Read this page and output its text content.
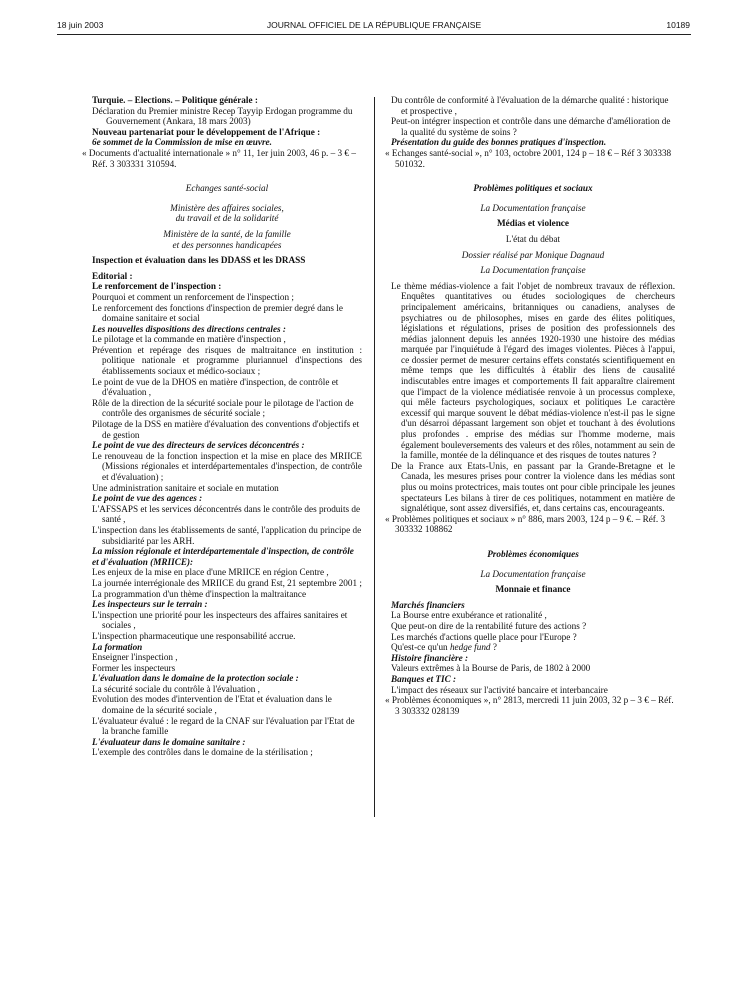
18 juin 2003	JOURNAL OFFICIEL DE LA RÉPUBLIQUE FRANÇAISE	10189

Turquie. – Elections. – Politique générale :

Déclaration du Premier ministre Recep Tayyip Erdogan programme du Gouvernement (Ankara, 18 mars 2003)

Nouveau partenariat pour le développement de l'Afrique :

6e sommet de la Commission de mise en œuvre.

« Documents d'actualité internationale » n° 11, 1er juin 2003, 46 p. – 3 € – Réf. 3 303331 310594.

Echanges santé-social

Ministère des affaires sociales,

du travail et de la solidarité

Ministère de la santé, de la famille

et des personnes handicapées

Inspection et évaluation dans les DDASS et les DRASS

Editorial :

Le renforcement de l'inspection :

Pourquoi et comment un renforcement de l'inspection ;

Le renforcement des fonctions d'inspection de premier degré dans le domaine sanitaire et social

Les nouvelles dispositions des directions centrales :

Le pilotage et la commande en matière d'inspection ,

Prévention et repérage des risques de maltraitance en institution : politique nationale et programme pluriannuel d'inspections des établissements sociaux et médico-sociaux ;

Le point de vue de la DHOS en matière d'inspection, de contrôle et d'évaluation ,

Rôle de la direction de la sécurité sociale pour le pilotage de l'action de contrôle des organismes de sécurité sociale ;

Pilotage de la DSS en matière d'évaluation des conventions d'objectifs et de gestion

Le point de vue des directeurs de services déconcentrés :

Le renouveau de la fonction inspection et la mise en place des MRIICE (Missions régionales et interdépartementales d'inspection, de contrôle et d'évaluation) ;

Une administration sanitaire et sociale en mutation

Le point de vue des agences :

L'AFSSAPS et les services déconcentrés dans le contrôle des produits de santé ,

L'inspection dans les établissements de santé, l'application du principe de subsidiarité par les ARH.

La mission régionale et interdépartementale d'inspection, de contrôle et d'évaluation (MRIICE):

Les enjeux de la mise en place d'une MRIICE en région Centre ,

La journée interrégionale des MRIICE du grand Est, 21 septembre 2001 ;

La programmation d'un thème d'inspection la maltraitance

Les inspecteurs sur le terrain :

L'inspection une priorité pour les inspecteurs des affaires sanitaires et sociales ,

L'inspection pharmaceutique une responsabilité accrue.

La formation

Enseigner l'inspection ,

Former les inspecteurs

L'évaluation dans le domaine de la protection sociale :

La sécurité sociale du contrôle à l'évaluation ,

Evolution des modes d'intervention de l'Etat et évaluation dans le domaine de la sécurité sociale ,

L'évaluateur évalué : le regard de la CNAF sur l'évaluation par l'Etat de la branche famille

L'évaluateur dans le domaine sanitaire :

L'exemple des contrôles dans le domaine de la stérilisation ;

Du contrôle de conformité à l'évaluation de la démarche qualité : historique et prospective ,

Peut-on intégrer inspection et contrôle dans une démarche d'amélioration de la qualité du système de soins ?

Présentation du guide des bonnes pratiques d'inspection.

« Echanges santé-social », n° 103, octobre 2001, 124 p – 18 € – Réf 3 303338 501032.

Problèmes politiques et sociaux

La Documentation française

Médias et violence

L'état du débat

Dossier réalisé par Monique Dagnaud

La Documentation française

Le thème médias-violence a fait l'objet de nombreux travaux de réflexion. Enquêtes quantitatives ou études sociologiques de chercheurs principalement américains, britanniques ou canadiens, analyses de psychiatres ou de philosophes, mises en garde des élites politiques, législations et régulations, prises de position des professionnels des médias jalonnent depuis les années 1920-1930 une histoire des médias marquée par l'inquiétude à l'égard des images violentes. Pièces à l'appui, ce dossier permet de mesurer certains effets constatés scientifiquement en même temps que les difficultés à établir des liens de causalité indiscutables entre images et comportements Il fait apparaître clairement que l'impact de la violence médiatisée renvoie à un processus complexe, qui mêle facteurs psychologiques, sociaux et politiques Le caractère excessif qui marque souvent le débat médias-violence n'est-il pas le signe d'un désarroi dépassant largement son objet et touchant à des évolutions plus profondes . emprise des médias sur l'homme moderne, mais également bouleversements des valeurs et des rôles, notamment au sein de la famille, montée de la délinquance et des risques de toutes natures ?

De la France aux Etats-Unis, en passant par la Grande-Bretagne et le Canada, les mesures prises pour contrer la violence dans les médias sont plus ou moins protectrices, mais toutes ont pour cible principale les jeunes spectateurs Les bilans à tirer de ces politiques, notamment en matière de signalétique, sont assez diversifiés, et, dans certains cas, encourageants.

« Problèmes politiques et sociaux » n° 886, mars 2003, 124 p – 9 €. – Réf. 3 303332 108862

Problèmes économiques

La Documentation française

Monnaie et finance

Marchés financiers

La Bourse entre exubérance et rationalité ,

Que peut-on dire de la rentabilité future des actions ?

Les marchés d'actions quelle place pour l'Europe ?

Qu'est-ce qu'un hedge fund ?

Histoire financière :

Valeurs extrêmes à la Bourse de Paris, de 1802 à 2000

Banques et TIC :

L'impact des réseaux sur l'activité bancaire et interbancaire

« Problèmes économiques », n° 2813, mercredi 11 juin 2003, 32 p – 3 € – Réf. 3 303332 028139
